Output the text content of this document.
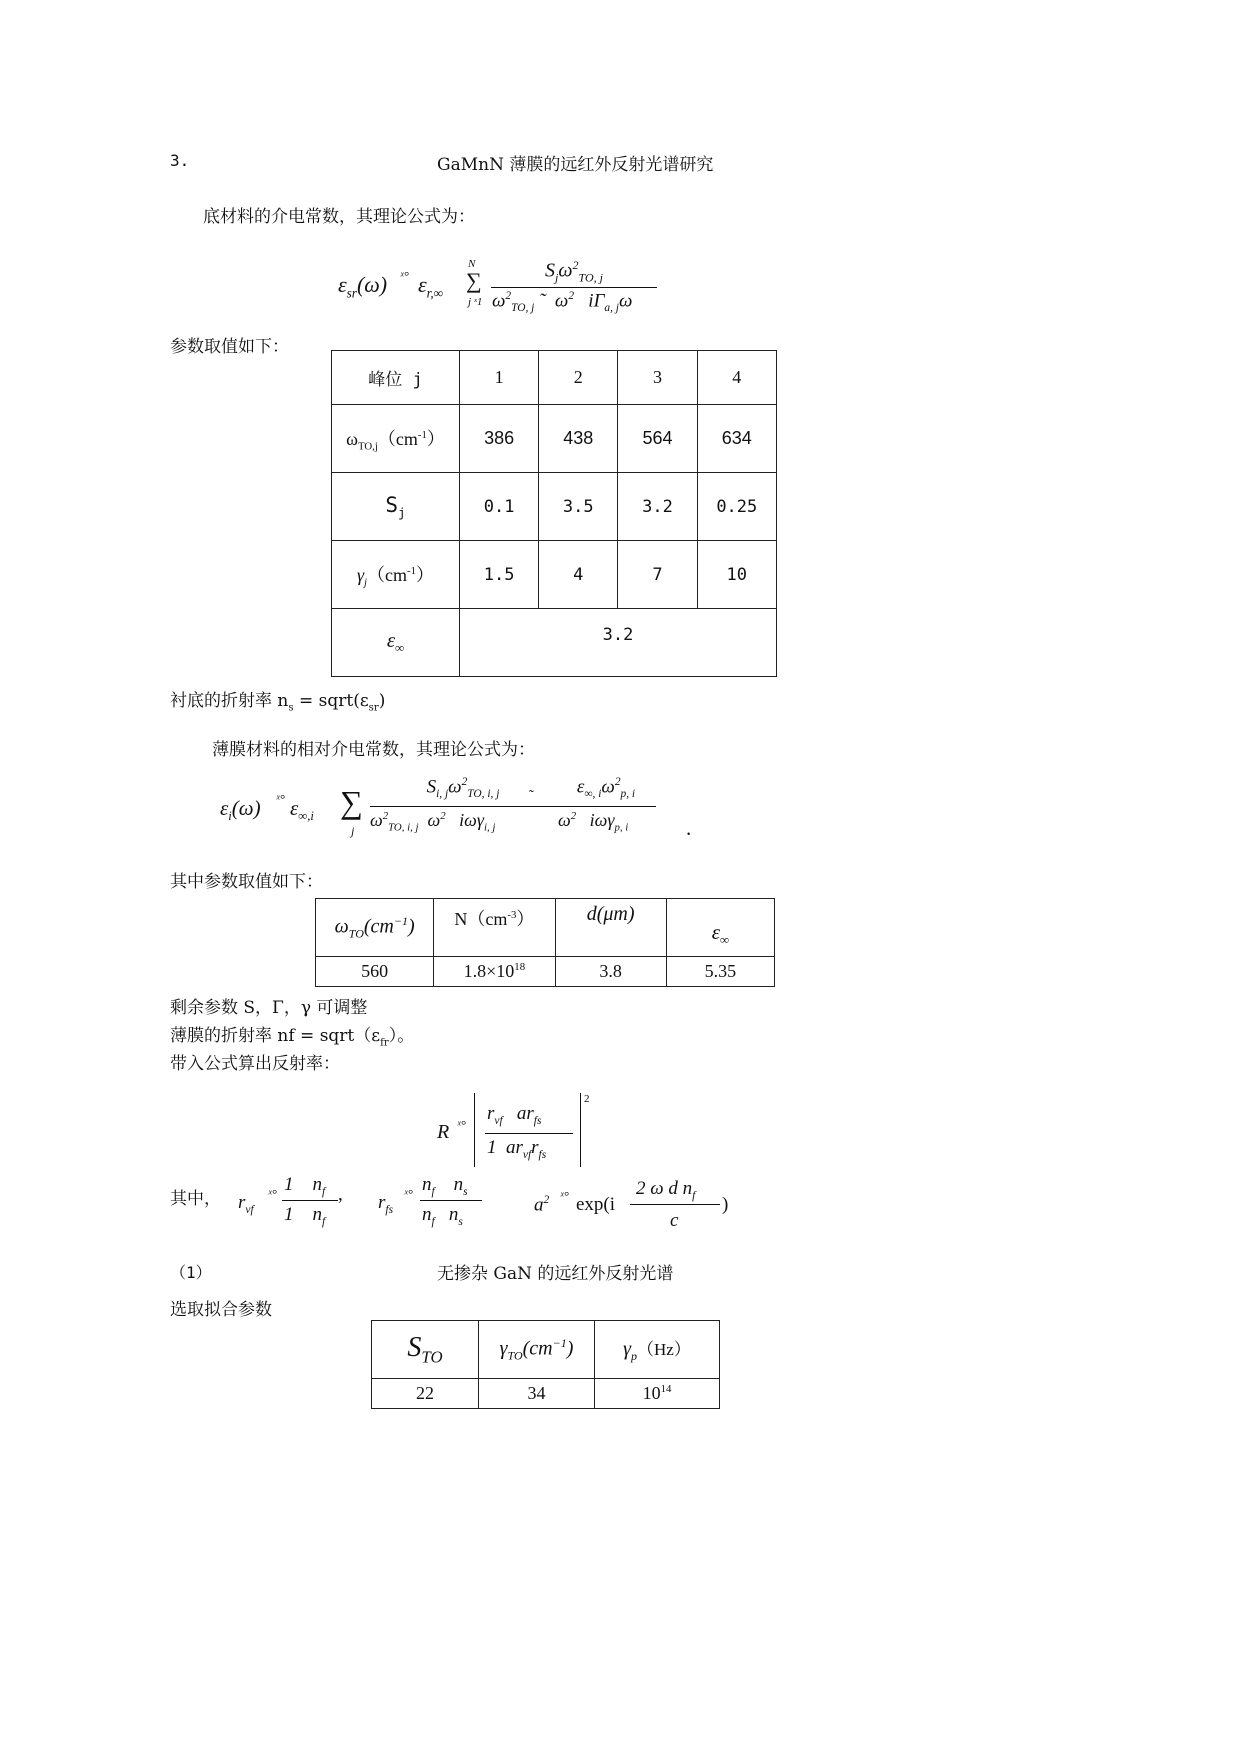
3.	GaMnN 薄膜的远红外反射光谱研究
底材料的介电常数，其理论公式为：
$\varepsilon_{sr}(\omega)$ ˣ° $\varepsilon_{r,\infty}$
N
∑
j ˣ1
$S_j\omega^2_{TO, j}$
$\omega^2_{TO, j}$ ˜ $\omega^2$ $i\Gamma_{a, j}\omega$
参数取值如下：
峰位 j	1	2	3	4
$\omega_{TO,j}(cm^{-1})$	386	438	564	634
$S_j$	0.1	3.5	3.2	0.25
$\gamma_j(cm^{-1})$	1.5	4	7	10
$\varepsilon_\infty$	3.2			
衬底的折射率 $n_s$ = $sqrt(\varepsilon_{sr})$
薄膜材料的相对介电常数，其理论公式为：
$\varepsilon_i(\omega)$ ˣ° $\varepsilon_{\infty,i}$ ∑
j
$S_{i, j}\omega^2_{TO, i, j}$
$\omega^2_{TO, i, j}$ $\omega^2$ iωγ$_{i, j}$
˜	$\varepsilon_{\infty, i}\omega^2_{p, i}$
$\omega^2$ iωγ$_{p, i}$	.
其中参数取值如下：
$\omega_{TO}(cm^{-1})$	$N(cm^{-3})$	d(μm)	$\varepsilon_\infty$
560	$1.8\times 10^{18}$	3.8	5.35
剩余参数 S，Γ，γ 可调整
薄膜的折射率 nf = $sqrt(\varepsilon_{fr})$。
带入公式算出反射率：
R ˣ°
$r_{vf}$ $ar_{fs}$
1 $ar_{vf}r_{fs}$
2
其中， $r_{vf}$
ˣ° 1 $n_f$
1 $n_f$
, $r_{fs}$
ˣ° $n_f$ $n_s$
$n_f$ $n_s$
$a^2$ ˣ° exp(i
2 ω d $n_f$
c
)
（1）	无掺杂 GaN 的远红外反射光谱
选取拟合参数
$S_{TO}$	$\gamma_{TO}(cm^{-1})$	$\gamma_p(Hz)$
22	34	$10^{14}$
